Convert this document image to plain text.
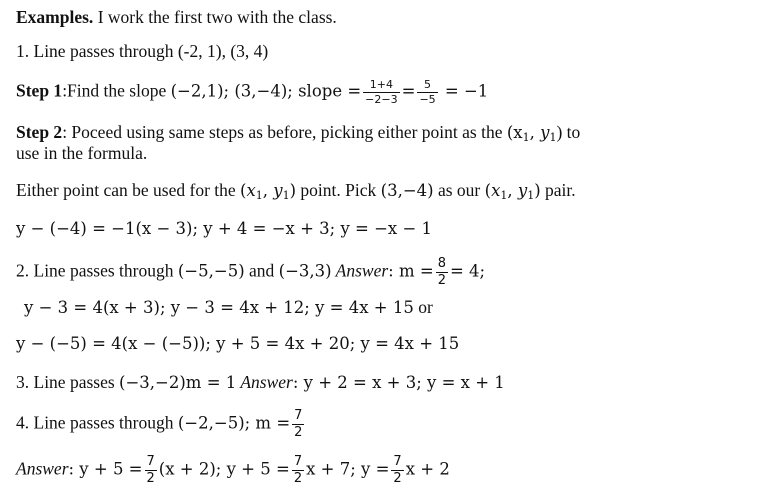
Examples. I work the first two with the class.
1. Line passes through (-2, 1), (3, 4)
Step 1:Find the slope (−2,1); (3,−4); slope = $\frac{1+4}{-2-3} = \frac{5}{-5} = -1$
Step 2: Poceed using same steps as before, picking either point as the ($x_1$, $y_1$) to
use in the formula.
Either point can be used for the ($x_1$, $y_1$) point. Pick (3,−4) as our ($x_1$, $y_1$) pair.
y − (−4) = −1(x − 3); y + 4 = −x + 3; y = −x − 1
2. Line passes through (−5,−5) and (−3,3) Answer: $m = \frac{8}{2} = 4$;
y − 3 = 4(x + 3); y − 3 = 4x + 12; y = 4x + 15 or
y − (−5) = 4(x − (−5)); y + 5 = 4x + 20; y = 4x + 15
3. Line passes (−3,−2)m = 1 Answer: y + 2 = x + 3; y = x + 1
4. Line passes through (−2,−5); $m = \frac{7}{2}$
Answer: $y + 5 = \frac{7}{2} (x + 2)$; $y + 5 = \frac{7}{2}$ x + 7; $y = \frac{7}{2}$ x + 2
